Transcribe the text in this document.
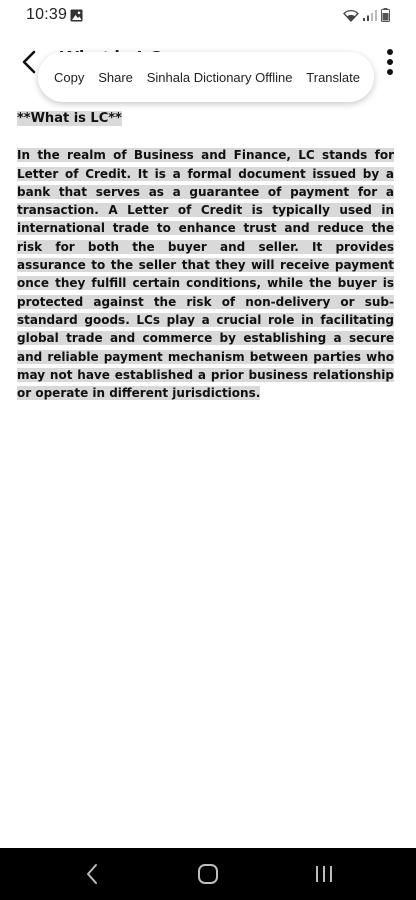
10:39
Copy Share Sinhala Dictionary Offline Translate
**What is LC**
In the realm of Business and Finance, LC stands for Letter of Credit. It is a formal document issued by a bank that serves as a guarantee of payment for a transaction. A Letter of Credit is typically used in international trade to enhance trust and reduce the risk for both the buyer and seller. It provides assurance to the seller that they will receive payment once they fulfill certain conditions, while the buyer is protected against the risk of non-delivery or sub-standard goods. LCs play a crucial role in facilitating global trade and commerce by establishing a secure and reliable payment mechanism between parties who may not have established a prior business relationship or operate in different jurisdictions.
